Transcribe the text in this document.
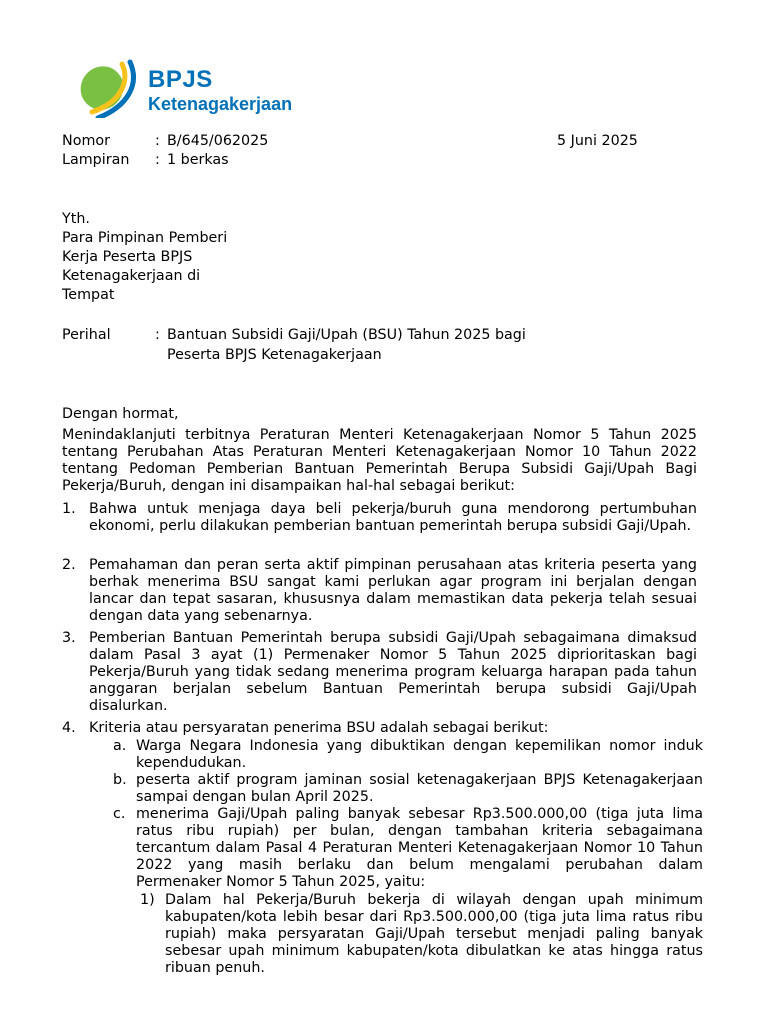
BPJS
Ketenagakerjaan
Nomor	: B/645/062025	5 Juni 2025
Lampiran : 1 berkas
Yth.
Para Pimpinan Pemberi
Kerja Peserta BPJS
Ketenagakerjaan di
Tempat
Perihal	: Bantuan Subsidi Gaji/Upah (BSU) Tahun 2025 bagi
Peserta BPJS Ketenagakerjaan
Dengan hormat,
Menindaklanjuti terbitnya Peraturan Menteri Ketenagakerjaan Nomor 5 Tahun 2025 tentang Perubahan Atas Peraturan Menteri Ketenagakerjaan Nomor 10 Tahun 2022 tentang Pedoman Pemberian Bantuan Pemerintah Berupa Subsidi Gaji/Upah Bagi Pekerja/Buruh, dengan ini disampaikan hal-hal sebagai berikut:
1. Bahwa untuk menjaga daya beli pekerja/buruh guna mendorong pertumbuhan ekonomi, perlu dilakukan pemberian bantuan pemerintah berupa subsidi Gaji/Upah.
2. Pemahaman dan peran serta aktif pimpinan perusahaan atas kriteria peserta yang berhak menerima BSU sangat kami perlukan agar program ini berjalan dengan lancar dan tepat sasaran, khususnya dalam memastikan data pekerja telah sesuai dengan data yang sebenarnya.
3. Pemberian Bantuan Pemerintah berupa subsidi Gaji/Upah sebagaimana dimaksud dalam Pasal 3 ayat (1) Permenaker Nomor 5 Tahun 2025 diprioritaskan bagi Pekerja/Buruh yang tidak sedang menerima program keluarga harapan pada tahun anggaran berjalan sebelum Bantuan Pemerintah berupa subsidi Gaji/Upah disalurkan.
4. Kriteria atau persyaratan penerima BSU adalah sebagai berikut:
a. Warga Negara Indonesia yang dibuktikan dengan kepemilikan nomor induk kependudukan.
b. peserta aktif program jaminan sosial ketenagakerjaan BPJS Ketenagakerjaan sampai dengan bulan April 2025.
c. menerima Gaji/Upah paling banyak sebesar Rp3.500.000,00 (tiga juta lima ratus ribu rupiah) per bulan, dengan tambahan kriteria sebagaimana tercantum dalam Pasal 4 Peraturan Menteri Ketenagakerjaan Nomor 10 Tahun 2022 yang masih berlaku dan belum mengalami perubahan dalam Permenaker Nomor 5 Tahun 2025, yaitu:
1) Dalam hal Pekerja/Buruh bekerja di wilayah dengan upah minimum kabupaten/kota lebih besar dari Rp3.500.000,00 (tiga juta lima ratus ribu rupiah) maka persyaratan Gaji/Upah tersebut menjadi paling banyak sebesar upah minimum kabupaten/kota dibulatkan ke atas hingga ratus ribuan penuh.
